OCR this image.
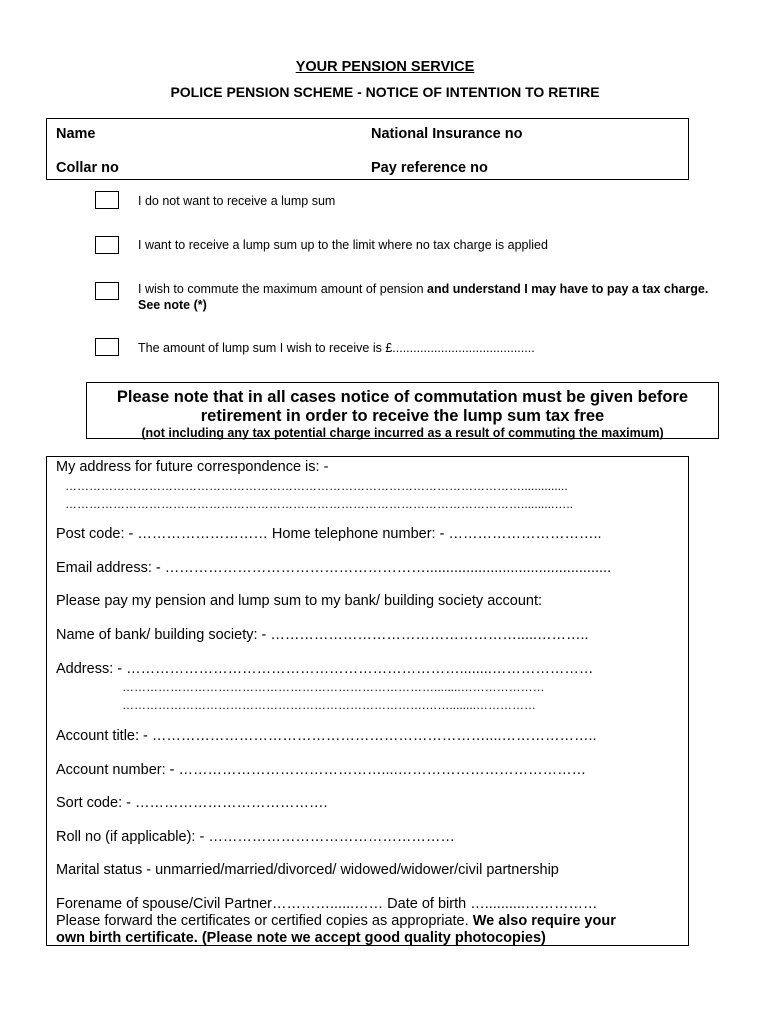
YOUR PENSION SERVICE
POLICE PENSION SCHEME - NOTICE OF INTENTION TO RETIRE
Name	National Insurance no
Collar no	Pay reference no
I do not want to receive a lump sum
I want to receive a lump sum up to the limit where no tax charge is applied
I wish to commute the maximum amount of pension and understand I may have to pay a tax charge. See note (*)
The amount of lump sum I wish to receive is £.........................................
Please note that in all cases notice of commutation must be given before retirement in order to receive the lump sum tax free
(not including any tax potential charge incurred as a result of commuting the maximum)
My address for future correspondence is: -
……………………………………………………………………………………………………..............
……………………………………………………………………………………………………..........…..
Post code: - ……………………… Home telephone number: - …………………………..
Email address: - ………………………………………………..............................................
Please pay my pension and lump sum to my bank/ building society account:
Name of bank/ building society: - …………………………………………….....………..
Address: - ……………………………………………………………........…………………
……………………………………………………………………........…………………
………………………………………………………………….……........……………
Account title: - ……………………………………………………………....………………..
Account number: - ……………………………………....…………………………………
Sort code: - ………………………………….
Roll no (if applicable): - ……………………………………………
Marital status - unmarried/married/divorced/ widowed/widower/civil partnership
Forename of spouse/Civil Partner…………......…… Date of birth …..........……………
Please forward the certificates or certified copies as appropriate. We also require your
own birth certificate. (Please note we accept good quality photocopies)
